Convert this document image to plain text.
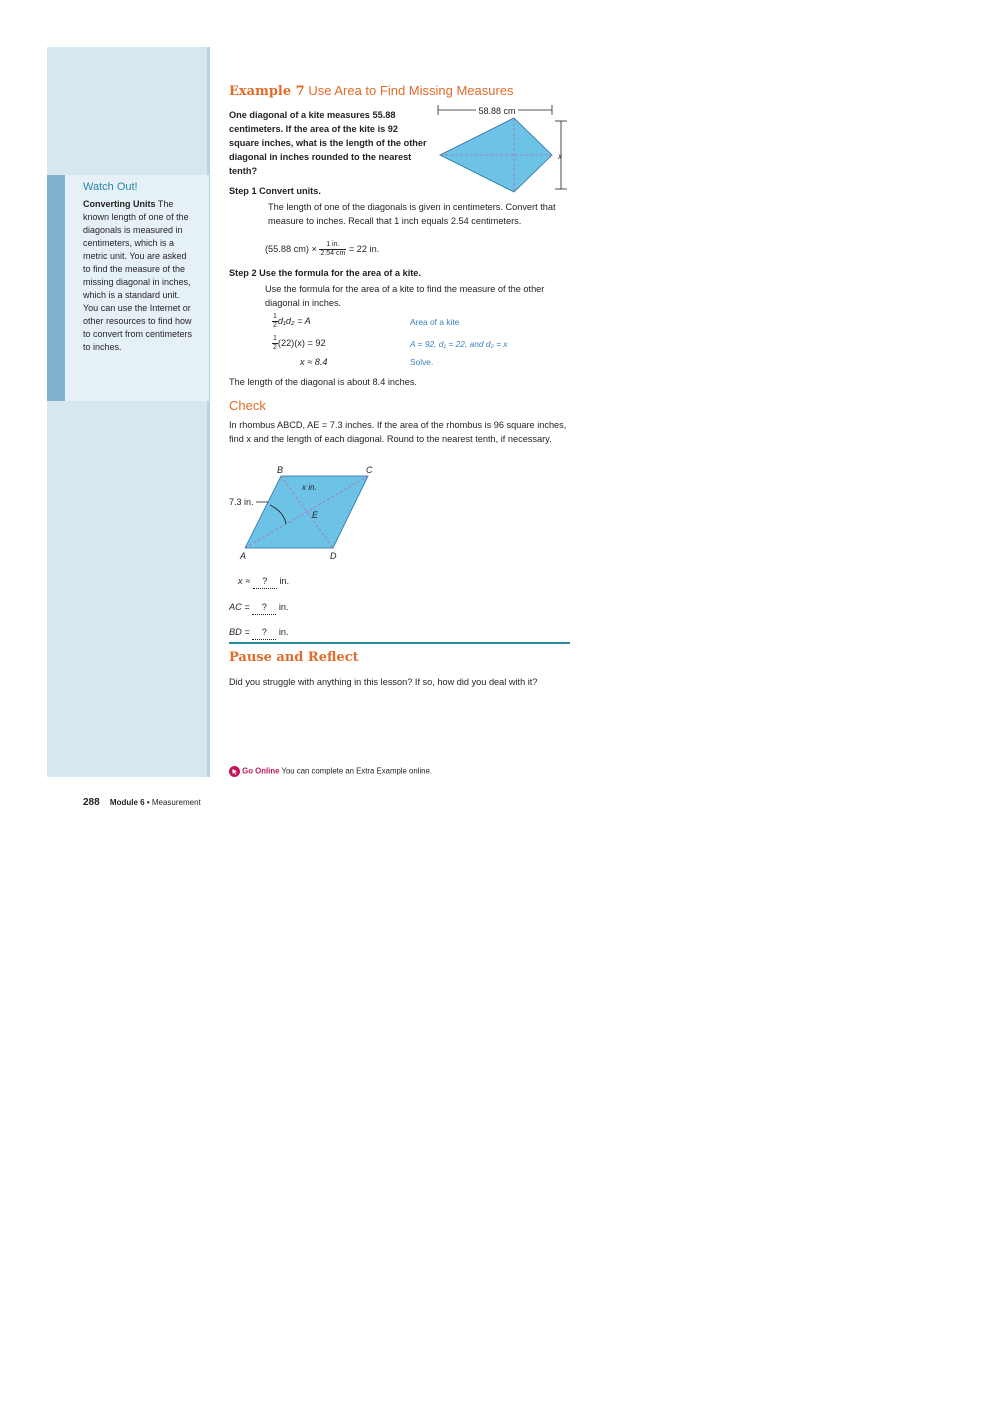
Watch Out!
Converting Units The known length of one of the diagonals is measured in centimeters, which is a metric unit. You are asked to find the measure of the missing diagonal in inches, which is a standard unit. You can use the Internet or other resources to find how to convert from centimeters to inches.
Example 7 Use Area to Find Missing Measures
One diagonal of a kite measures 55.88 centimeters. If the area of the kite is 92 square inches, what is the length of the other diagonal in inches rounded to the nearest tenth?
58.88 cm
x
Step 1 Convert units.
The length of one of the diagonals is given in centimeters. Convert that measure to inches. Recall that 1 inch equals 2.54 centimeters.
(55.88 $cm) \times \frac{1 in.}{2.54 cm} = 22$ in.
Step 2 Use the formula for the area of a kite.
Use the formula for the area of a kite to find the measure of the other diagonal in inches.
$\frac{1}{2} d_1d_2 = A$	Area of a kite
$\frac{1}{2} (22)(x) = 92$	A = 92, d₁ = 22, and d₂ = x
x ≈ 8.4	Solve.
The length of the diagonal is about 8.4 inches.
Check
In rhombus ABCD, AE = 7.3 inches. If the area of the rhombus is 96 square inches, find x and the length of each diagonal. Round to the nearest tenth, if necessary.
B	C
A	D
E
x in.
7.3 in.
x ≈ ? in.
AC = ? in.
BD = ? in.
Pause and Reflect
Did you struggle with anything in this lesson? If so, how did you deal with it?
Go Online You can complete an Extra Example online.
288 Module 6 • Measurement
